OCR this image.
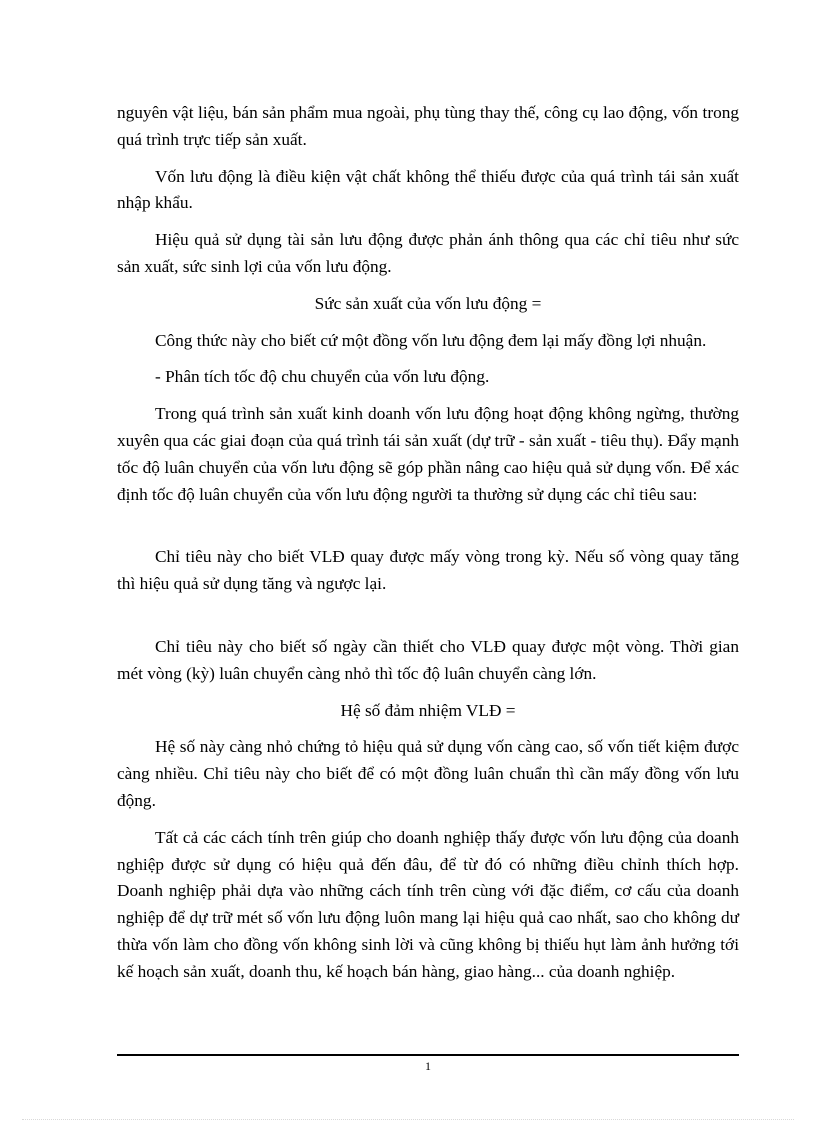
nguyên vật liệu, bán sản phẩm mua ngoài, phụ tùng thay thế, công cụ lao động, vốn trong quá trình trực tiếp sản xuất.

Vốn lưu động là điều kiện vật chất không thể thiếu được của quá trình tái sản xuất nhập khẩu.

Hiệu quả sử dụng tài sản lưu động được phản ánh thông qua các chỉ tiêu như sức sản xuất, sức sinh lợi của vốn lưu động.

Sức sản xuất của vốn lưu động =

Công thức này cho biết cứ một đồng vốn lưu động đem lại mấy đồng lợi nhuận.

- Phân tích tốc độ chu chuyển của vốn lưu động.

Trong quá trình sản xuất kinh doanh vốn lưu động hoạt động không ngừng, thường xuyên qua các giai đoạn của quá trình tái sản xuất (dự trữ - sản xuất - tiêu thụ). Đẩy mạnh tốc độ luân chuyển của vốn lưu động sẽ góp phần nâng cao hiệu quả sử dụng vốn. Để xác định tốc độ luân chuyển của vốn lưu động người ta thường sử dụng các chỉ tiêu sau:

Chỉ tiêu này cho biết VLĐ quay được mấy vòng trong kỳ. Nếu số vòng quay tăng thì hiệu quả sử dụng tăng và ngược lại.

Chỉ tiêu này cho biết số ngày cần thiết cho VLĐ quay được một vòng. Thời gian mét vòng (kỳ) luân chuyển càng nhỏ thì tốc độ luân chuyển càng lớn.

Hệ số đảm nhiệm VLĐ =

Hệ số này càng nhỏ chứng tỏ hiệu quả sử dụng vốn càng cao, số vốn tiết kiệm được càng nhiều. Chỉ tiêu này cho biết để có một đồng luân chuẩn thì cần mấy đồng vốn lưu động.

Tất cả các cách tính trên giúp cho doanh nghiệp thấy được vốn lưu động của doanh nghiệp được sử dụng có hiệu quả đến đâu, để từ đó có những điều chỉnh thích hợp. Doanh nghiệp phải dựa vào những cách tính trên cùng với đặc điểm, cơ cấu của doanh nghiệp để dự trữ mét số vốn lưu động luôn mang lại hiệu quả cao nhất, sao cho không dư thừa vốn làm cho đồng vốn không sinh lời và cũng không bị thiếu hụt làm ảnh hưởng tới kế hoạch sản xuất, doanh thu, kế hoạch bán hàng, giao hàng... của doanh nghiệp.

1
